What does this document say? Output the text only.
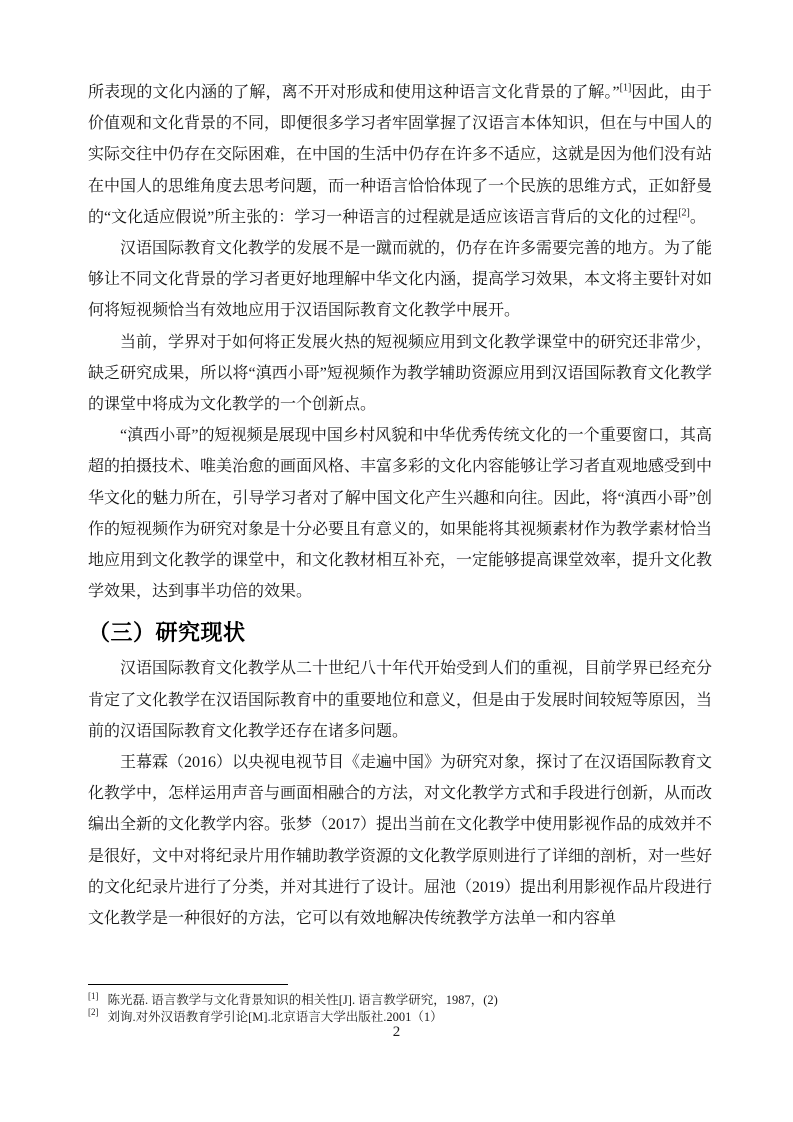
所表现的文化内涵的了解，离不开对形成和使用这种语言文化背景的了解。”[1]因此，由于价值观和文化背景的不同，即便很多学习者牢固掌握了汉语言本体知识，但在与中国人的实际交往中仍存在交际困难，在中国的生活中仍存在许多不适应，这就是因为他们没有站在中国人的思维角度去思考问题，而一种语言恰恰体现了一个民族的思维方式，正如舒曼的“文化适应假说”所主张的：学习一种语言的过程就是适应该语言背后的文化的过程[2]。

汉语国际教育文化教学的发展不是一蹴而就的，仍存在许多需要完善的地方。为了能够让不同文化背景的学习者更好地理解中华文化内涵，提高学习效果，本文将主要针对如何将短视频恰当有效地应用于汉语国际教育文化教学中展开。

当前，学界对于如何将正发展火热的短视频应用到文化教学课堂中的研究还非常少，缺乏研究成果，所以将“滇西小哥”短视频作为教学辅助资源应用到汉语国际教育文化教学的课堂中将成为文化教学的一个创新点。

“滇西小哥”的短视频是展现中国乡村风貌和中华优秀传统文化的一个重要窗口，其高超的拍摄技术、唯美治愈的画面风格、丰富多彩的文化内容能够让学习者直观地感受到中华文化的魅力所在，引导学习者对了解中国文化产生兴趣和向往。因此，将“滇西小哥”创作的短视频作为研究对象是十分必要且有意义的，如果能将其视频素材作为教学素材恰当地应用到文化教学的课堂中，和文化教材相互补充，一定能够提高课堂效率，提升文化教学效果，达到事半功倍的效果。

（三）研究现状

汉语国际教育文化教学从二十世纪八十年代开始受到人们的重视，目前学界已经充分肯定了文化教学在汉语国际教育中的重要地位和意义，但是由于发展时间较短等原因，当前的汉语国际教育文化教学还存在诸多问题。

王幕霖（2016）以央视电视节目《走遍中国》为研究对象，探讨了在汉语国际教育文化教学中，怎样运用声音与画面相融合的方法，对文化教学方式和手段进行创新，从而改编出全新的文化教学内容。张梦（2017）提出当前在文化教学中使用影视作品的成效并不是很好，文中对将纪录片用作辅助教学资源的文化教学原则进行了详细的剖析，对一些好的文化纪录片进行了分类，并对其进行了设计。屈池（2019）提出利用影视作品片段进行文化教学是一种很好的方法，它可以有效地解决传统教学方法单一和内容单

[1] 陈光磊. 语言教学与文化背景知识的相关性[J]. 语言教学研究，1987，(2)
[2] 刘询.对外汉语教育学引论[M].北京语言大学出版社.2001（1）
2
